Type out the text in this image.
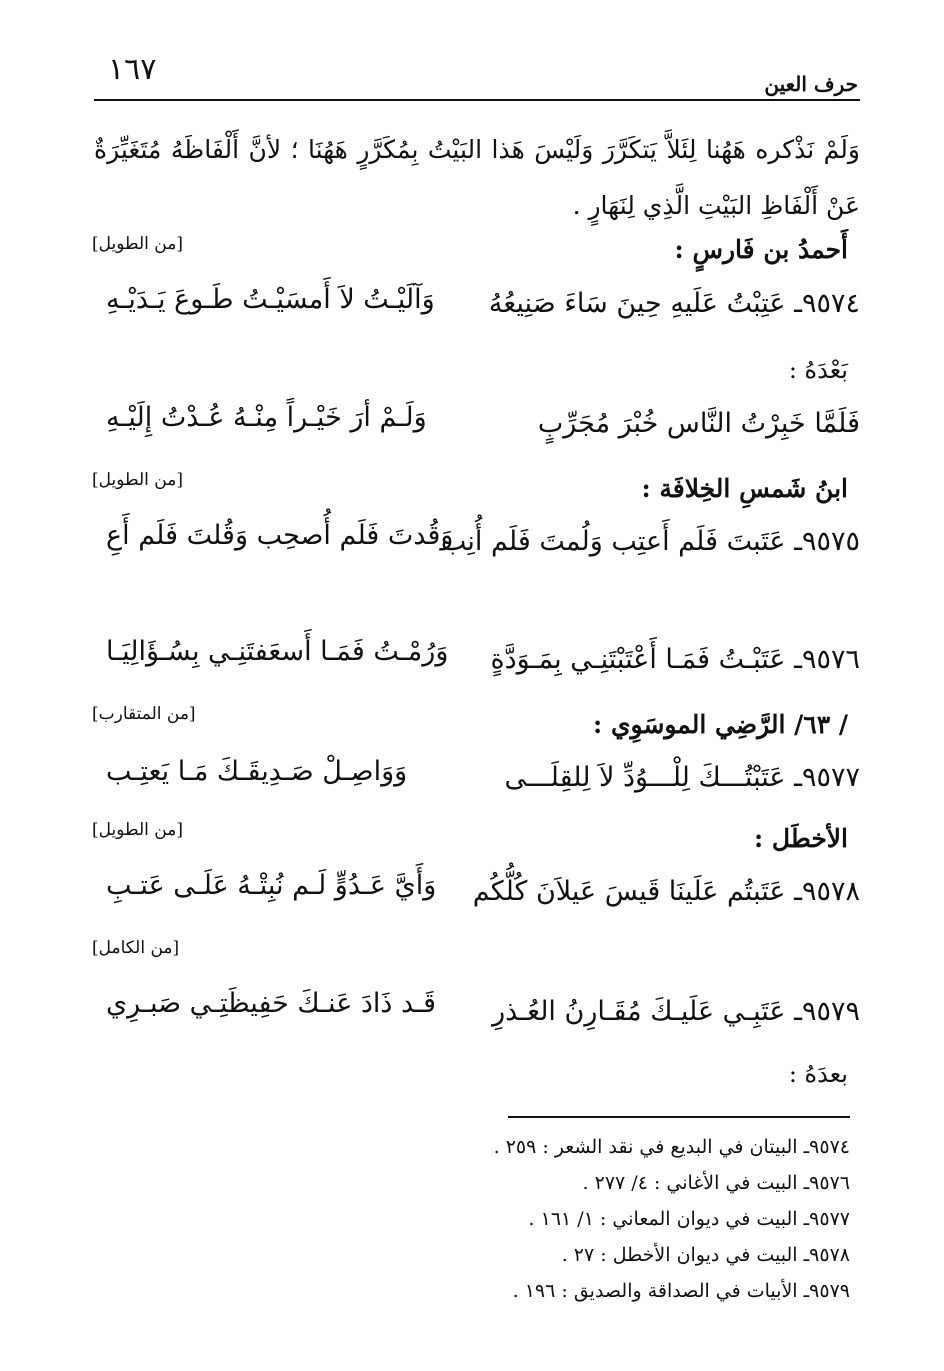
١٦٧	حرف العين
وَلَمْ نَذْكره هَهُنا لِئَلاَّ يَتكَرَّرَ وَلَيْسَ هَذا البَيْتُ بِمُكَرَّرٍ هَهُنَا ؛ لأنَّ أَلْفَاظَهُ مُتَغَيِّرَةٌ عَنْ أَلْفَاظِ البَيْتِ الَّذِي لِنَهَارٍ .
أَحمدُ بن فَارسٍ :
[من الطويل]
٩٥٧٤ـ عَتِبْتُ عَلَيهِ حِينَ سَاءَ صَنِيعُهُ
وَآلَيْـتُ لاَ أَمسَيْـتُ طَـوعَ يَـدَيْـهِ
بَعْدَهُ :
فَلَمَّا خَبِرْتُ النَّاس خُبْرَ مُجَرِّبٍ
وَلَـمْ أرَ خَيْـراً مِنْـهُ عُـدْتُ إِلَيْـهِ
ابنُ شَمسِ الخِلافَة :
[من الطويل]
٩٥٧٥ـ عَتَبتَ فَلَم أَعتِب وَلُمتَ فَلَم أُنِب
وَقُدتَ فَلَم أُصحِب وَقُلتَ فَلَم أَعِ
٩٥٧٦ـ عَتَبْـتُ فَمَـا أَعْتَبْتَنِـي بِمَـوَدَّةٍ
وَرُمْـتُ فَمَـا أَسعَفتَنِـي بِسُـؤَالِيَـا
/ ٦٣/ الرَّضِي الموسَوِي :
[من المتقارب]
٩٥٧٧ـ عَتَبْتُـــكَ لِلْـــوُدِّ لاَ لِلقِلَـــى
وَوَاصِـلْ صَـدِيقَـكَ مَـا يَعتِـب
الأخطَل :
[من الطويل]
٩٥٧٨ـ عَتَبتُم عَلَينَا قَيسَ عَيلاَنَ كُلُّكُم
وَأَيَّ عَـدُوٍّ لَـم نُبِتْـهُ عَلَـى عَتـبِ
[من الكامل]
٩٥٧٩ـ عَتَبِـي عَلَيـكَ مُقَـارِنُ العُـذرِ
قَـد ذَادَ عَنـكَ حَفِيظَتِـي صَبـرِي
بعدَهُ :
٩٥٧٤ـ البيتان في البديع في نقد الشعر : ٢٥٩ .
٩٥٧٦ـ البيت في الأغاني : ٤/ ٢٧٧ .
٩٥٧٧ـ البيت في ديوان المعاني : ١/ ١٦١ .
٩٥٧٨ـ البيت في ديوان الأخطل : ٢٧ .
٩٥٧٩ـ الأبيات في الصداقة والصديق : ١٩٦ .
